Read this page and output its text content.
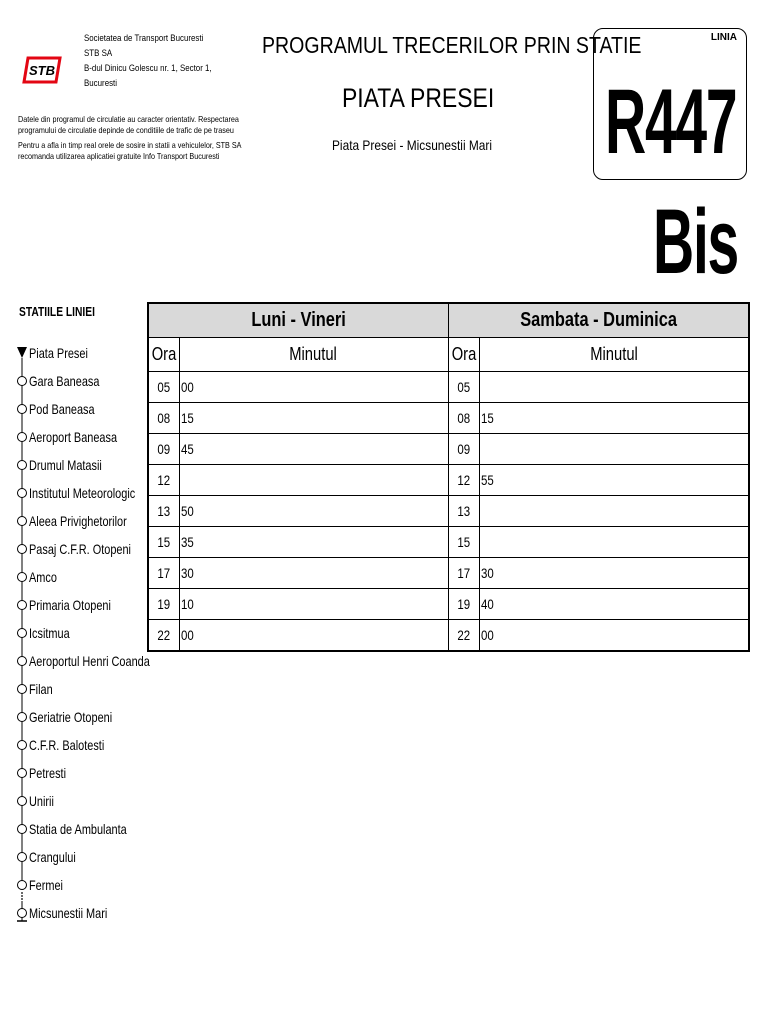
STB
Societatea de Transport Bucuresti
STB SA
B-dul Dinicu Golescu nr. 1, Sector 1,
Bucuresti

Datele din programul de circulatie au caracter orientativ. Respectarea
programului de circulatie depinde de conditiile de trafic de pe traseu

Pentru a afla in timp real orele de sosire in statii a vehiculelor, STB SA
recomanda utilizarea aplicatiei gratuite Info Transport Bucuresti

PROGRAMUL TRECERILOR PRIN STATIE
PIATA PRESEI
Piata Presei - Micsunestii Mari
LINIA
R447
Bis
STATIILE LINIEI
Piata Presei
Gara Baneasa
Pod Baneasa
Aeroport Baneasa
Drumul Matasii
Institutul Meteorologic
Aleea Privighetorilor
Pasaj C.F.R. Otopeni
Amco
Primaria Otopeni
Icsitmua
Aeroportul Henri Coanda
Filan
Geriatrie Otopeni
C.F.R. Balotesti
Petresti
Unirii
Statia de Ambulanta
Crangului
Fermei
Micsunestii Mari
Luni - Vineri		Sambata - Duminica	
Ora	Minutul	Ora	Minutul
05	00	05	
08	15	08	15
09	45	09	
12		12	55
13	50	13	
15	35	15	
17	30	17	30
19	10	19	40
22	00	22	00
